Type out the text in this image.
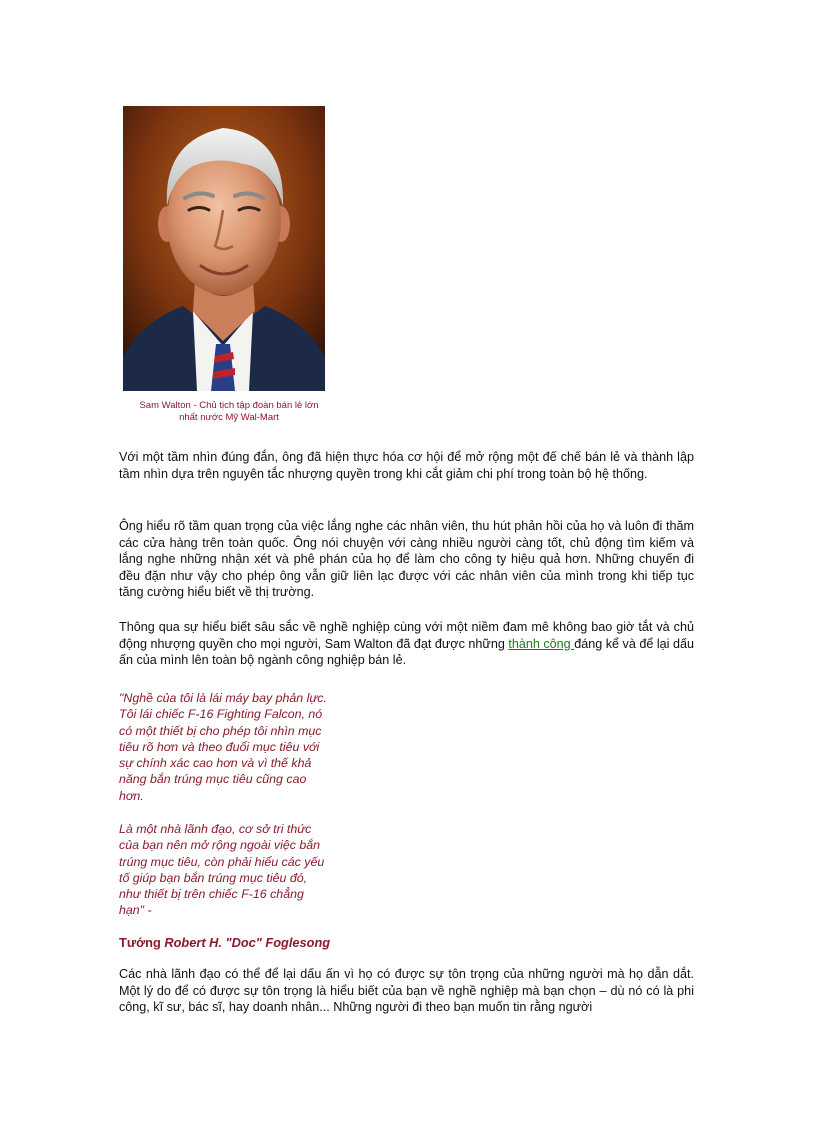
Sam Walton - Chủ tịch tập đoàn bán lẻ lớn
nhất nước Mỹ Wal-Mart

Với một tầm nhìn đúng đắn, ông đã hiện thực hóa cơ hội để mở rộng một đế chế bán lẻ và thành lập tầm nhìn dựa trên nguyên tắc nhượng quyền trong khi cắt giảm chi phí trong toàn bộ hệ thống.

Ông hiểu rõ tầm quan trọng của việc lắng nghe các nhân viên, thu hút phản hồi của họ và luôn đi thăm các cửa hàng trên toàn quốc. Ông nói chuyện với càng nhiều người càng tốt, chủ động tìm kiếm và lắng nghe những nhận xét và phê phán của họ để làm cho công ty hiệu quả hơn. Những chuyến đi đều đặn như vậy cho phép ông vẫn giữ liên lạc được với các nhân viên của mình trong khi tiếp tục tăng cường hiểu biết về thị trường.

Thông qua sự hiểu biết sâu sắc về nghề nghiệp cùng với một niềm đam mê không bao giờ tắt và chủ động nhượng quyền cho mọi người, Sam Walton đã đạt được những thành công đáng kể và để lại dấu ấn của mình lên toàn bộ ngành công nghiệp bán lẻ.

"Nghề của tôi là lái máy bay phản lực. Tôi lái chiếc F-16 Fighting Falcon, nó có một thiết bị cho phép tôi nhìn mục tiêu rõ hơn và theo đuổi mục tiêu với sự chính xác cao hơn và vì thế khả năng bắn trúng mục tiêu cũng cao hơn.

Là một nhà lãnh đạo, cơ sở tri thức của bạn nên mở rộng ngoài việc bắn trúng mục tiêu, còn phải hiểu các yếu tố giúp bạn bắn trúng mục tiêu đó, như thiết bị trên chiếc F-16 chẳng hạn" -

Tướng Robert H. "Doc" Foglesong

Các nhà lãnh đạo có thể để lại dấu ấn vì họ có được sự tôn trọng của những người mà họ dẫn dắt. Một lý do để có được sự tôn trọng là hiểu biết của bạn về nghề nghiệp mà bạn chọn – dù nó có là phi công, kĩ sư, bác sĩ, hay doanh nhân... Những người đi theo bạn muốn tin rằng người
